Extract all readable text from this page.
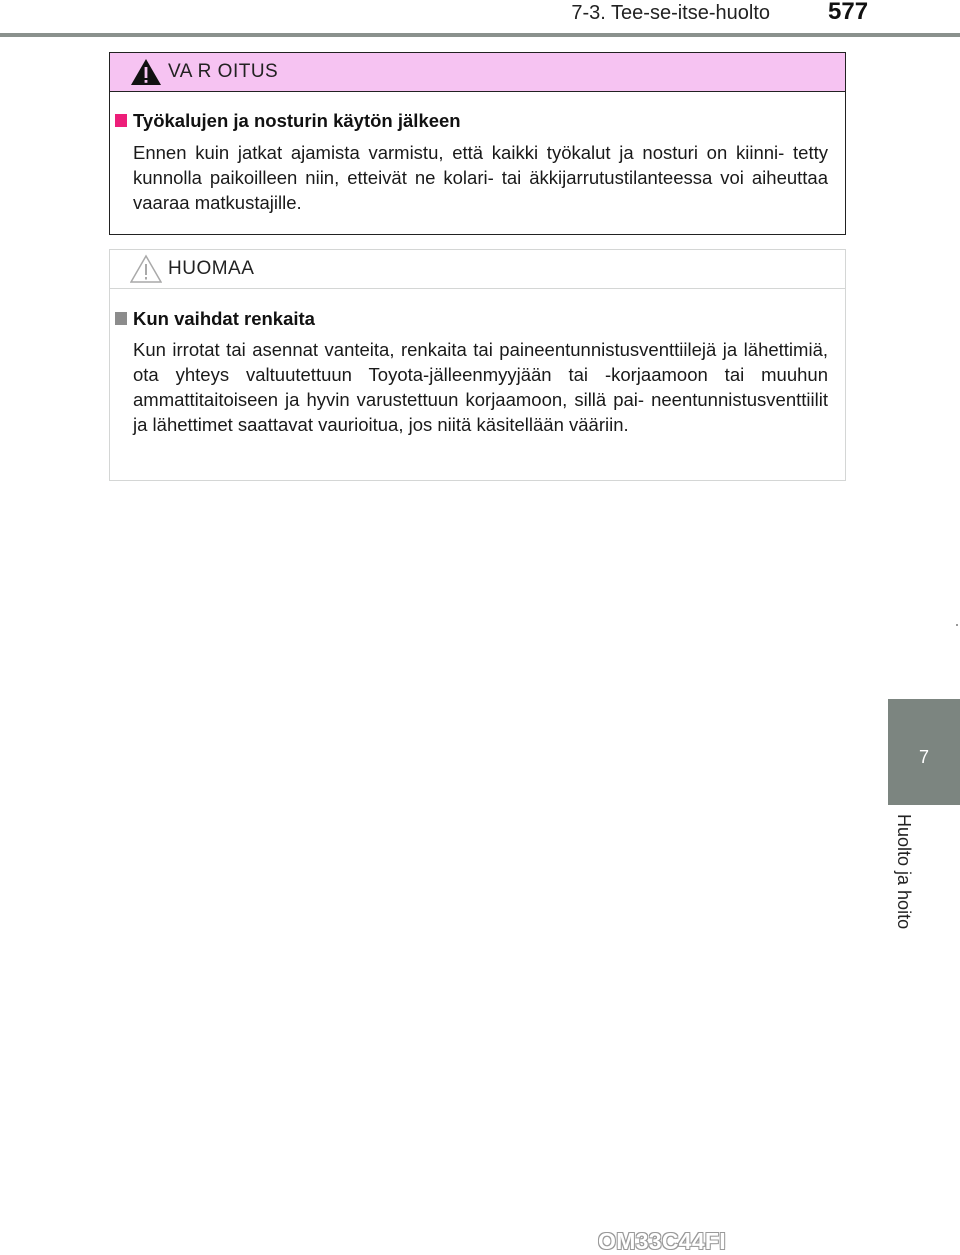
7-3. Tee-se-itse-huolto 577
VA R OITUS
Työkalujen ja nosturin käytön jälkeen
Ennen kuin jatkat ajamista varmistu, että kaikki työkalut ja nosturi on kiinni- tetty kunnolla paikoilleen niin, etteivät ne kolari- tai äkkijarrutustilanteessa voi aiheuttaa vaaraa matkustajille.
HUOMAA
Kun vaihdat renkaita
Kun irrotat tai asennat vanteita, renkaita tai paineentunnistusventtiilejä ja lähettimiä, ota yhteys valtuutettuun Toyota-jälleenmyyjään tai -korjaamoon tai muuhun ammattitaitoiseen ja hyvin varustettuun korjaamoon, sillä pai- neentunnistusventtiilit ja lähettimet saattavat vaurioitua, jos niitä käsitellään vääriin.
7
Huolto ja hoito
OM33C44FI
